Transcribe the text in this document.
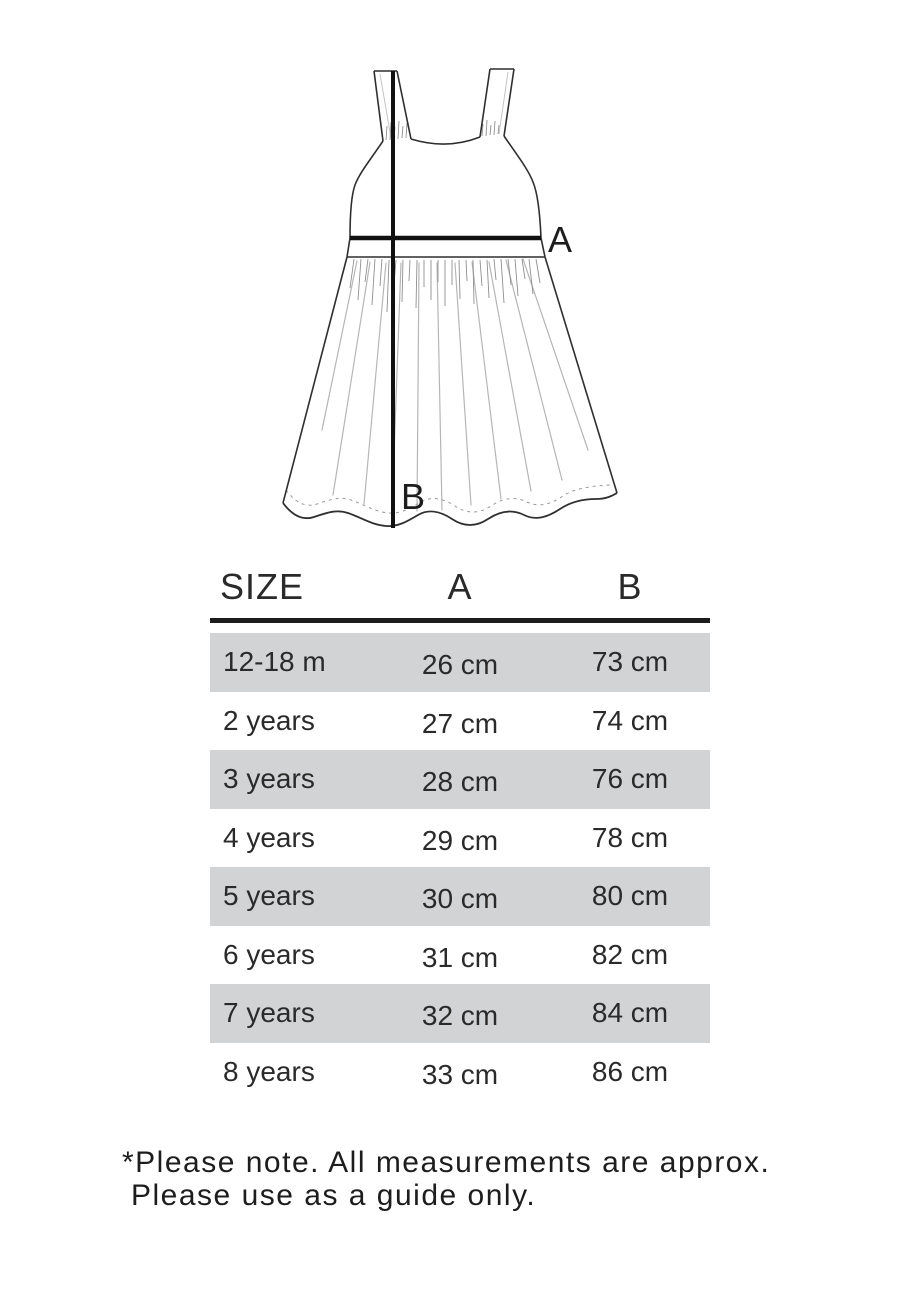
A
B
SIZE	A	B
12-18 m	26 cm	73 cm
2 years	27 cm	74 cm
3 years	28 cm	76 cm
4 years	29 cm	78 cm
5 years	30 cm	80 cm
6 years	31 cm	82 cm
7 years	32 cm	84 cm
8 years	33 cm	86 cm
*Please note. All measurements are approx.
Please use as a guide only.
